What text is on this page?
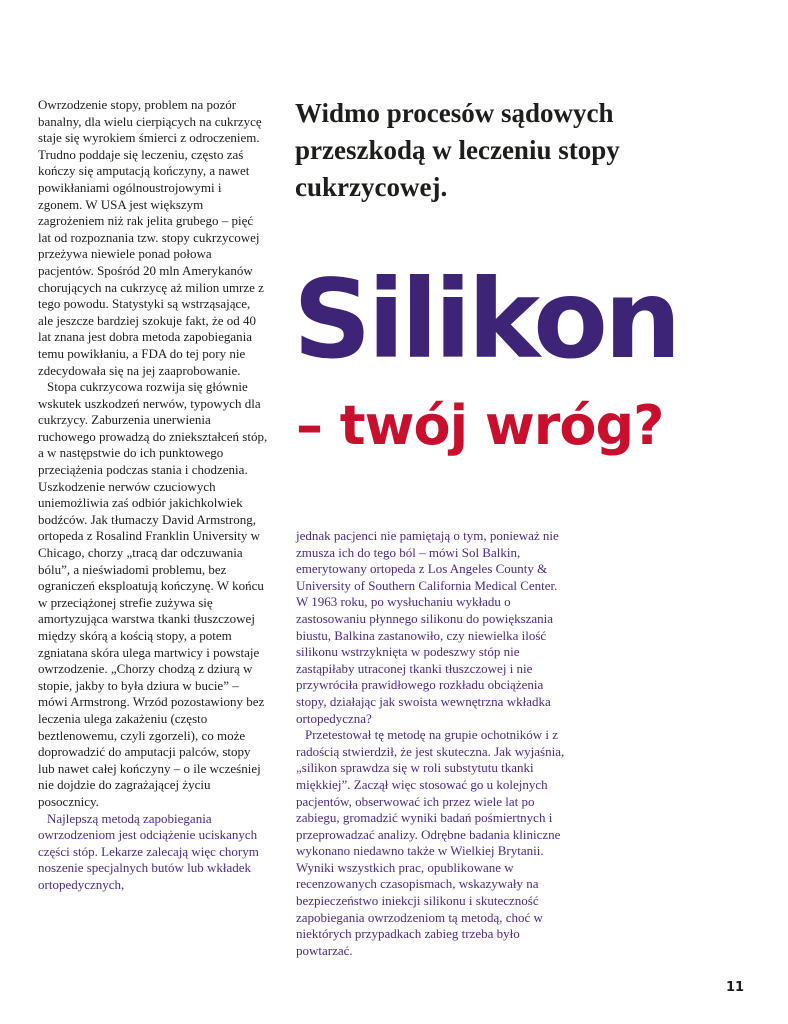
Owrzodzenie stopy, problem na pozór banalny, dla wielu cierpiących na cukrzycę staje się wyrokiem śmierci z odroczeniem. Trudno poddaje się leczeniu, często zaś kończy się amputacją kończyny, a nawet powikłaniami ogólnoustrojowymi i zgonem. W USA jest większym zagrożeniem niż rak jelita grubego – pięć lat od rozpoznania tzw. stopy cukrzycowej przeżywa niewiele ponad połowa pacjentów. Spośród 20 mln Amerykanów chorujących na cukrzycę aż milion umrze z tego powodu. Statystyki są wstrząsające, ale jeszcze bardziej szokuje fakt, że od 40 lat znana jest dobra metoda zapobiegania temu powikłaniu, a FDA do tej pory nie zdecydowała się na jej zaaprobowanie.

Stopa cukrzycowa rozwija się głównie wskutek uszkodzeń nerwów, typowych dla cukrzycy. Zaburzenia unerwienia ruchowego prowadzą do zniekształceń stóp, a w następstwie do ich punktowego przeciążenia podczas stania i chodzenia. Uszkodzenie nerwów czuciowych uniemożliwia zaś odbiór jakichkolwiek bodźców. Jak tłumaczy David Armstrong, ortopeda z Rosalind Franklin University w Chicago, chorzy „tracą dar odczuwania bólu”, a nieświadomi problemu, bez ograniczeń eksploatują kończynę. W końcu w przeciążonej strefie zużywa się amortyzująca warstwa tkanki tłuszczowej między skórą a kością stopy, a potem zgniatana skóra ulega martwicy i powstaje owrzodzenie. „Chorzy chodzą z dziurą w stopie, jakby to była dziura w bucie” – mówi Armstrong. Wrzód pozostawiony bez leczenia ulega zakażeniu (często beztlenowemu, czyli zgorzeli), co może doprowadzić do amputacji palców, stopy lub nawet całej kończyny – o ile wcześniej nie dojdzie do zagrażającej życiu posocznicy.

Najlepszą metodą zapobiegania owrzodzeniom jest odciążenie uciskanych części stóp. Lekarze zalecają więc chorym noszenie specjalnych butów lub wkładek ortopedycznych,

Widmo procesów sądowych przeszkodą w leczeniu stopy cukrzycowej.
Silikon
– twój wróg?

jednak pacjenci nie pamiętają o tym, ponieważ nie zmusza ich do tego ból – mówi Sol Balkin, emerytowany ortopeda z Los Angeles County & University of Southern California Medical Center. W 1963 roku, po wysłuchaniu wykładu o zastosowaniu płynnego silikonu do powiększania biustu, Balkina zastanowiło, czy niewielka ilość silikonu wstrzyknięta w podeszwy stóp nie zastąpiłaby utraconej tkanki tłuszczowej i nie przywróciła prawidłowego rozkładu obciążenia stopy, działając jak swoista wewnętrzna wkładka ortopedyczna?

Przetestował tę metodę na grupie ochotników i z radością stwierdził, że jest skuteczna. Jak wyjaśnia, „silikon sprawdza się w roli substytutu tkanki miękkiej”. Zaczął więc stosować go u kolejnych pacjentów, obserwować ich przez wiele lat po zabiegu, gromadzić wyniki badań pośmiertnych i przeprowadzać analizy. Odrębne badania kliniczne wykonano niedawno także w Wielkiej Brytanii. Wyniki wszystkich prac, opublikowane w recenzowanych czasopismach, wskazywały na bezpieczeństwo iniekcji silikonu i skuteczność zapobiegania owrzodzeniom tą metodą, choć w niektórych przypadkach zabieg trzeba było powtarzać.

11
